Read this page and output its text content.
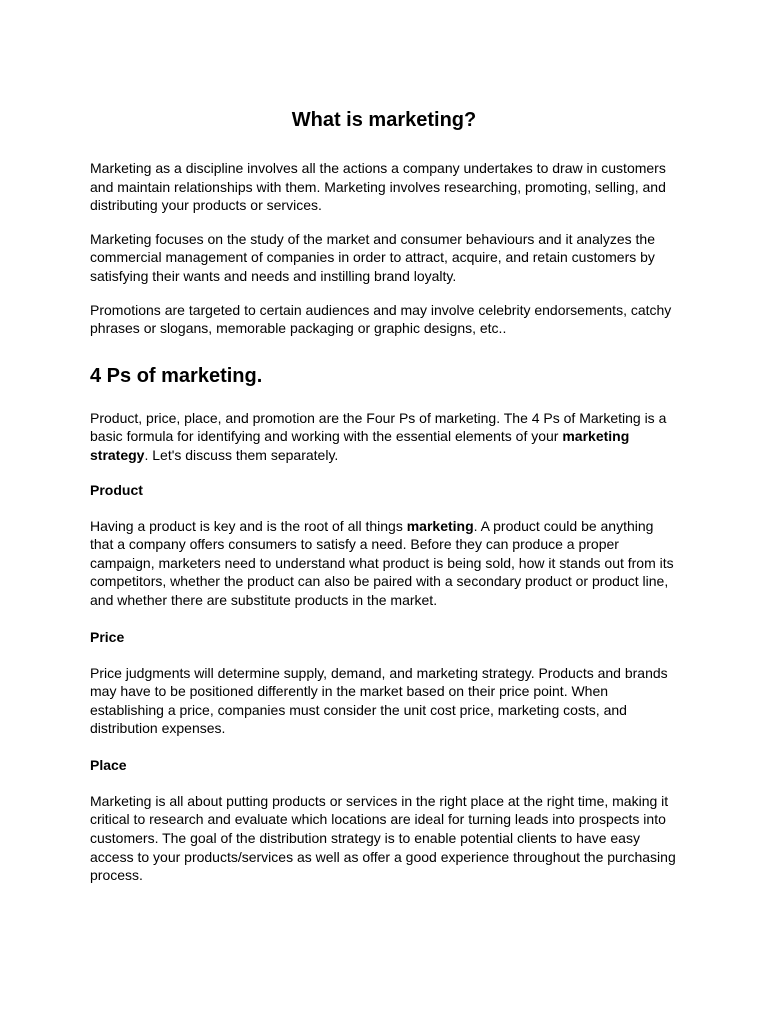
What is marketing?

Marketing as a discipline involves all the actions a company undertakes to draw in customers and maintain relationships with them. Marketing involves researching, promoting, selling, and distributing your products or services.

Marketing focuses on the study of the market and consumer behaviours and it analyzes the commercial management of companies in order to attract, acquire, and retain customers by satisfying their wants and needs and instilling brand loyalty.

Promotions are targeted to certain audiences and may involve celebrity endorsements, catchy phrases or slogans, memorable packaging or graphic designs, etc..

4 Ps of marketing.

Product, price, place, and promotion are the Four Ps of marketing. The 4 Ps of Marketing is a basic formula for identifying and working with the essential elements of your marketing strategy. Let's discuss them separately.

Product

Having a product is key and is the root of all things marketing. A product could be anything that a company offers consumers to satisfy a need. Before they can produce a proper campaign, marketers need to understand what product is being sold, how it stands out from its competitors, whether the product can also be paired with a secondary product or product line, and whether there are substitute products in the market.

Price

Price judgments will determine supply, demand, and marketing strategy. Products and brands may have to be positioned differently in the market based on their price point. When establishing a price, companies must consider the unit cost price, marketing costs, and distribution expenses.

Place

Marketing is all about putting products or services in the right place at the right time, making it critical to research and evaluate which locations are ideal for turning leads into prospects into customers. The goal of the distribution strategy is to enable potential clients to have easy access to your products/services as well as offer a good experience throughout the purchasing process.
